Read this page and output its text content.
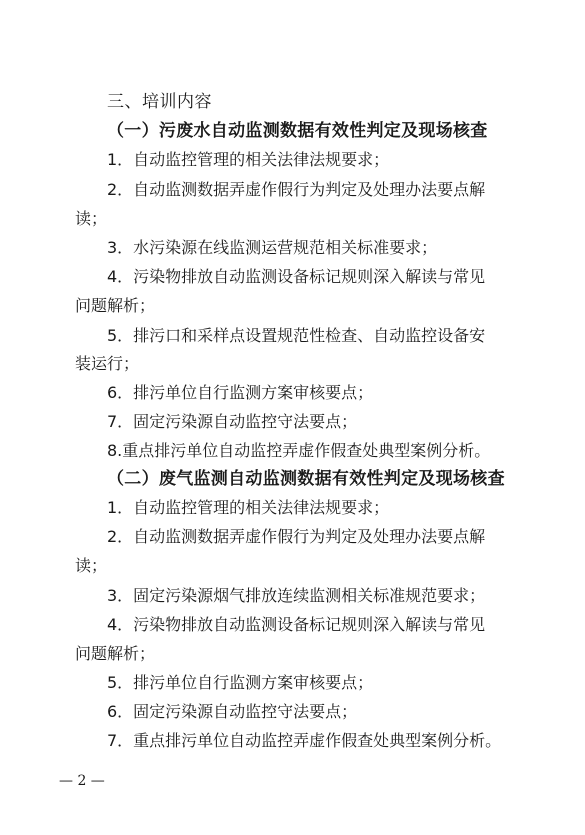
三、培训内容
（一）污废水自动监测数据有效性判定及现场核查
1．自动监控管理的相关法律法规要求；
2．自动监测数据弄虚作假行为判定及处理办法要点解
读；
3．水污染源在线监测运营规范相关标准要求；
4．污染物排放自动监测设备标记规则深入解读与常见
问题解析；
5．排污口和采样点设置规范性检查、自动监控设备安
装运行；
6．排污单位自行监测方案审核要点；
7．固定污染源自动监控守法要点；
8.重点排污单位自动监控弄虚作假查处典型案例分析。
（二）废气监测自动监测数据有效性判定及现场核查
1．自动监控管理的相关法律法规要求；
2．自动监测数据弄虚作假行为判定及处理办法要点解
读；
3．固定污染源烟气排放连续监测相关标准规范要求；
4．污染物排放自动监测设备标记规则深入解读与常见
问题解析；
5．排污单位自行监测方案审核要点；
6．固定污染源自动监控守法要点；
7．重点排污单位自动监控弄虚作假查处典型案例分析。
— 2 —
